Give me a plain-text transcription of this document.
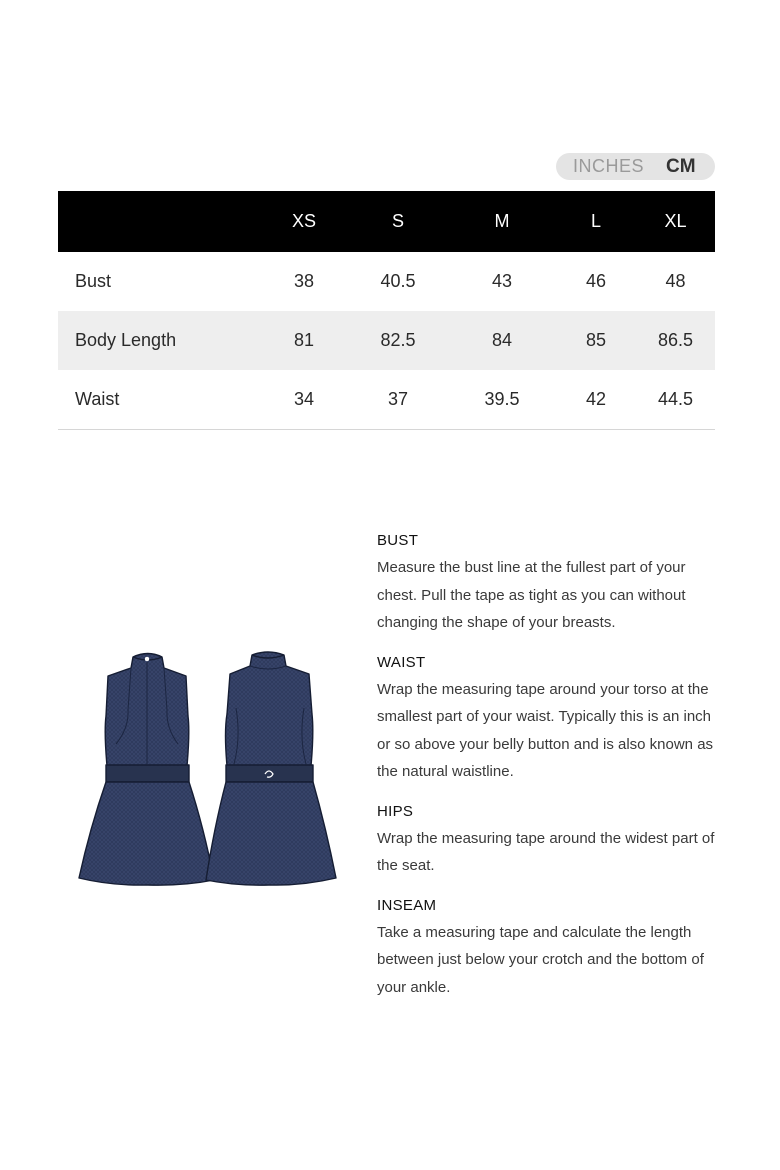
INCHES CM
	XS	S	M	L	XL
Bust	38	40.5	43	46	48
Body Length	81	82.5	84	85	86.5
Waist	34	37	39.5	42	44.5
BUST

Measure the bust line at the fullest part of your chest. Pull the tape as tight as you can without changing the shape of your breasts.

WAIST

Wrap the measuring tape around your torso at the smallest part of your waist. Typically this is an inch or so above your belly button and is also known as the natural waistline.

HIPS

Wrap the measuring tape around the widest part of the seat.

INSEAM

Take a measuring tape and calculate the length between just below your crotch and the bottom of your ankle.
